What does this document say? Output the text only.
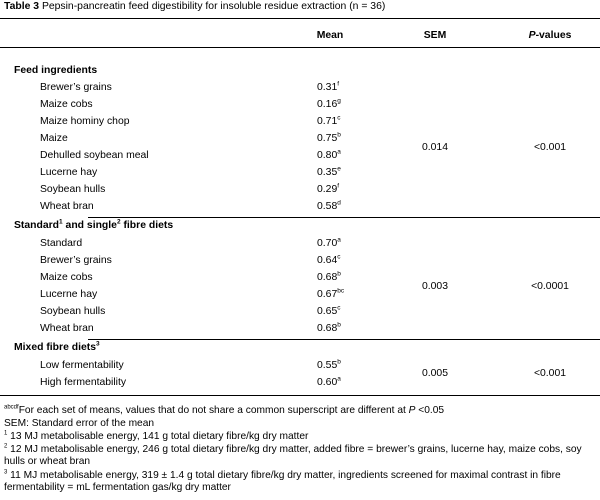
Table 3 Pepsin-pancreatin feed digestibility for insoluble residue extraction (n = 36)
Mean	SEM	P-values
Feed ingredients
Brewer’s grains	0.31$^f$
Maize cobs	0.16$^g$
Maize hominy chop	0.71$^c$
Maize	0.75$^b$
Dehulled soybean meal	0.80$^a$
Lucerne hay	0.35e
Soybean hulls	0.29$^f$
Wheat bran	0.58$^d$
0.014	<0.001
Standard$^1$ and single$^2$ fibre diets
Standard	0.70$^a$
Brewer’s grains	0.64$^c$
Maize cobs	0.68$^b$
Lucerne hay	0.67$^{bc}$
Soybean hulls	0.65$^c$
Wheat bran	0.68$^b$
0.003	<0.0001
Mixed fibre diets$^3$
Low fermentability	0.55$^b$
High fermentability	0.60$^a$
0.005	<0.001
$^{abcdf}$For each set of means, values that do not share a common superscript are different at P <0.05
SEM: Standard error of the mean
$^1$ 13 MJ metabolisable energy, 141 g total dietary fibre/kg dry matter
$^2$ 12 MJ metabolisable energy, 246 g total dietary fibre/kg dry matter, added fibre = brewer’s grains, lucerne hay, maize cobs, soy hulls or wheat bran
$^3$ 11 MJ metabolisable energy, 319 ± 1.4 g total dietary fibre/kg dry matter, ingredients screened for maximal contrast in fibre fermentability = mL fermentation gas/kg dry matter
